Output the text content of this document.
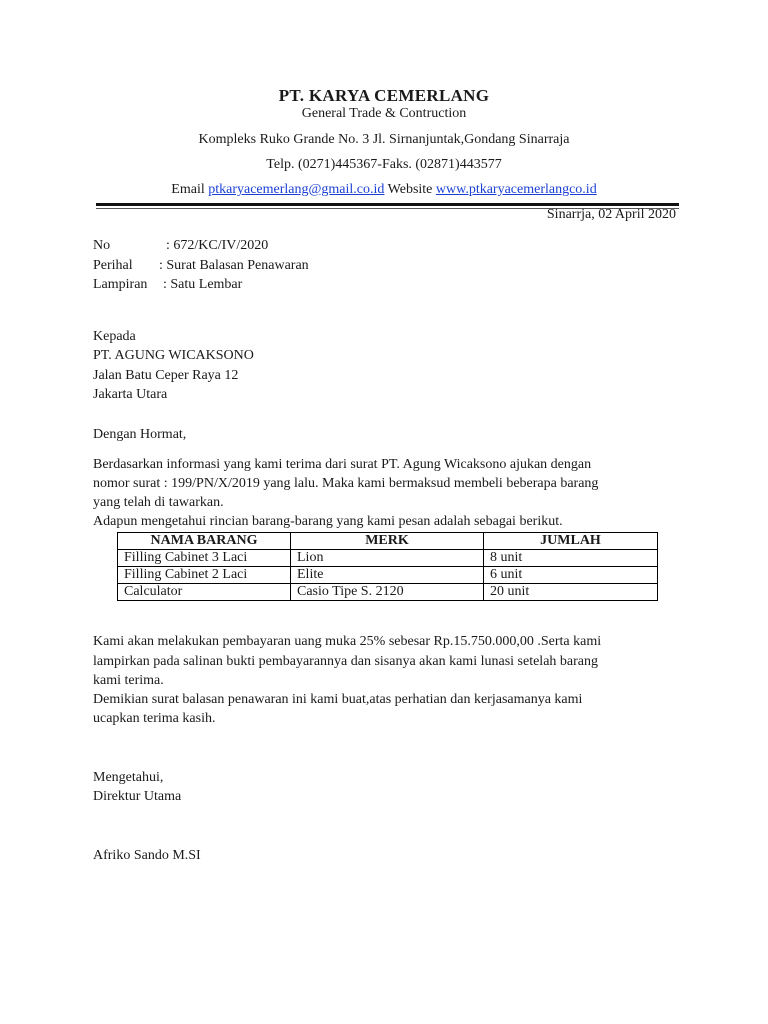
PT. KARYA CEMERLANG
General Trade & Contruction
Kompleks Ruko Grande No. 3 Jl. Sirnanjuntak,Gondang Sinarraja
Telp. (0271)445367-Faks. (02871)443577
Email ptkaryacemerlang@gmail.co.id Website www.ptkaryacemerlangco.id
Sinarrja, 02 April 2020
No	: 672/KC/IV/2020
Perihal : Surat Balasan Penawaran
Lampiran : Satu Lembar
Kepada
PT. AGUNG WICAKSONO
Jalan Batu Ceper Raya 12
Jakarta Utara
Dengan Hormat,
Berdasarkan informasi yang kami terima dari surat PT. Agung Wicaksono ajukan dengan
nomor surat : 199/PN/X/2019 yang lalu. Maka kami bermaksud membeli beberapa barang
yang telah di tawarkan.
Adapun mengetahui rincian barang-barang yang kami pesan adalah sebagai berikut.
NAMA BARANG	MERK	JUMLAH
Filling Cabinet 3 Laci	Lion	8 unit
Filling Cabinet 2 Laci	Elite	6 unit
Calculator	Casio Tipe S. 2120	20 unit
Kami akan melakukan pembayaran uang muka 25% sebesar Rp.15.750.000,00 .Serta kami
lampirkan pada salinan bukti pembayarannya dan sisanya akan kami lunasi setelah barang
kami terima.
Demikian surat balasan penawaran ini kami buat,atas perhatian dan kerjasamanya kami
ucapkan terima kasih.
Mengetahui,
Direktur Utama
Afriko Sando M.SI
